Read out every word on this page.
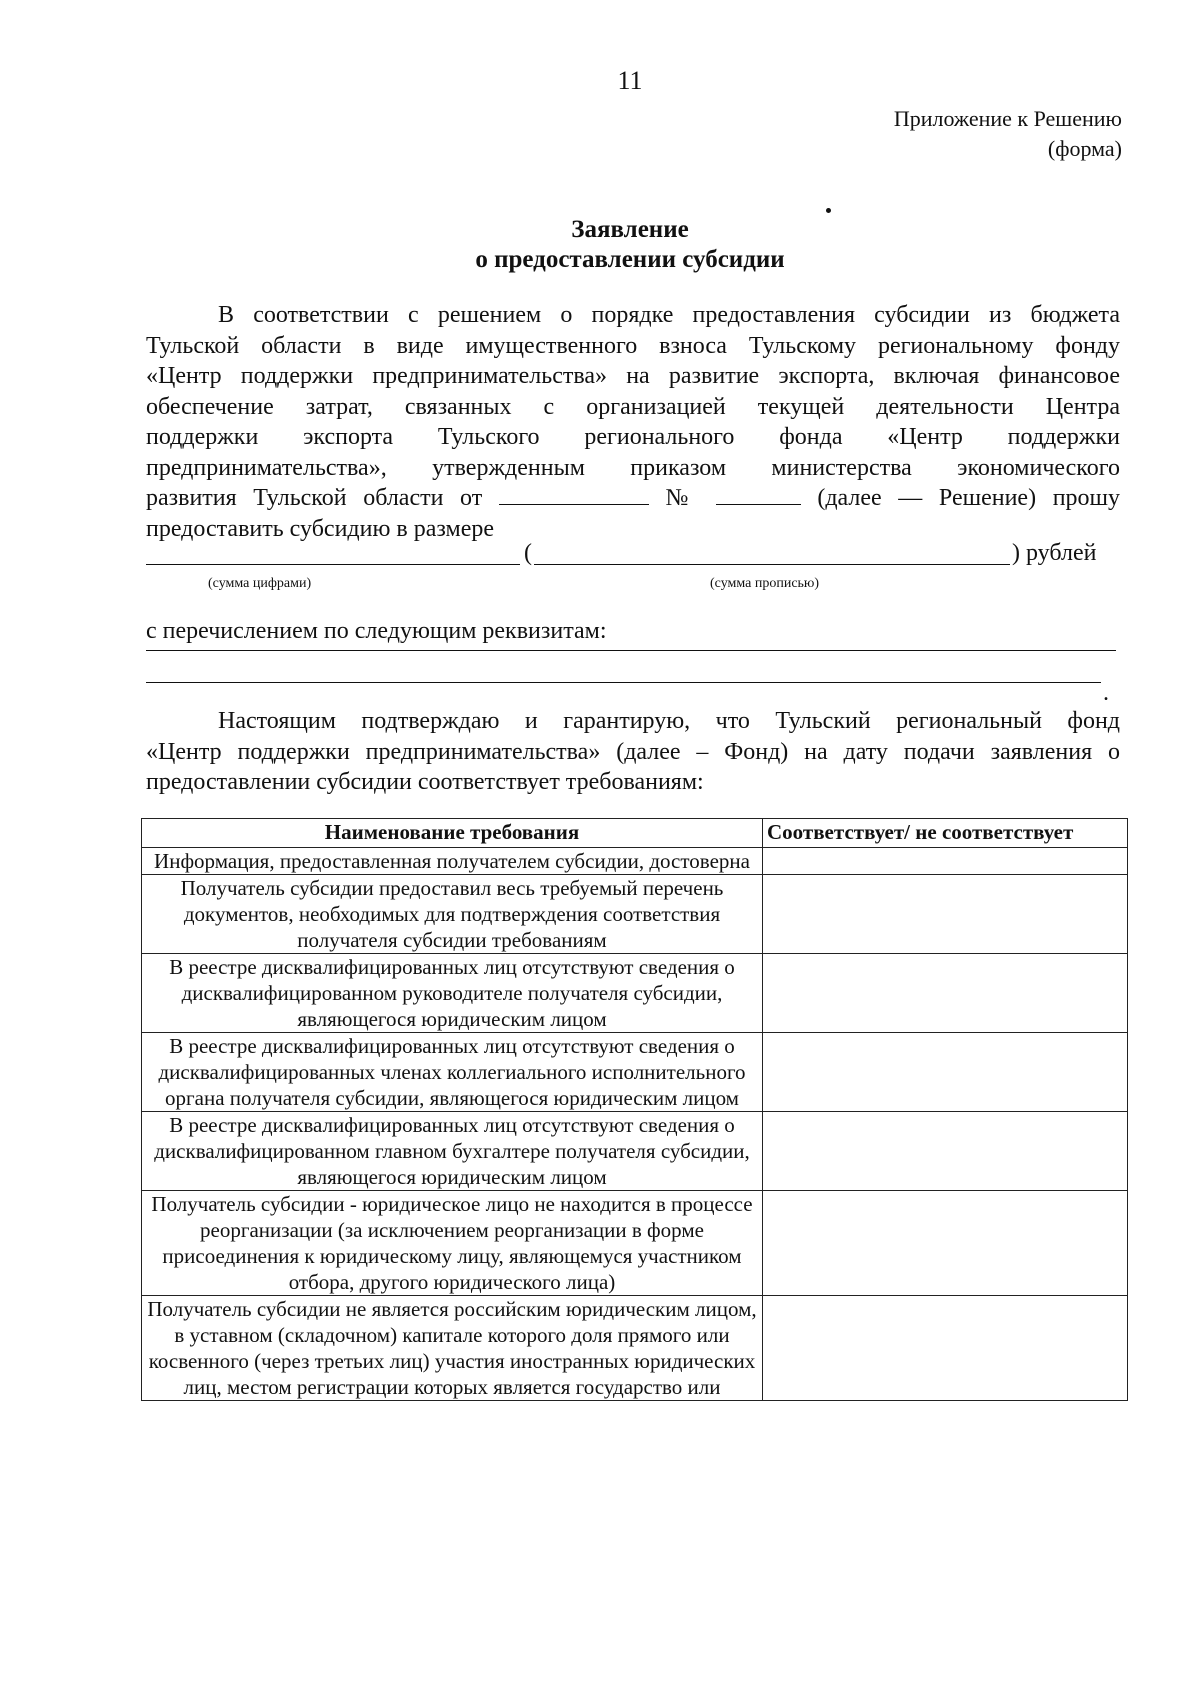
11
Приложение к Решению
(форма)
Заявление
о предоставлении субсидии
В соответствии с решением о порядке предоставления субсидии из бюджета
Тульской области в виде имущественного взноса Тульскому региональному фонду
«Центр поддержки предпринимательства» на развитие экспорта, включая финансовое
обеспечение затрат, связанных с организацией текущей деятельности Центра
поддержки экспорта Тульского регионального фонда «Центр поддержки
предпринимательства», утвержденным приказом министерства экономического
развития Тульской области от	№	(далее — Решение) прошу
предоставить субсидию в размере
(	) рублей
(сумма цифрами)	(сумма прописью)
с перечислением по следующим реквизитам:
.
Настоящим подтверждаю и гарантирую, что Тульский региональный фонд
«Центр поддержки предпринимательства» (далее – Фонд) на дату подачи заявления о
предоставлении субсидии соответствует требованиям:
Наименование требования	Соответствует/ не соответствует
Информация, предоставленная получателем субсидии, достоверна	
Получатель субсидии предоставил весь требуемый перечень документов, необходимых для подтверждения соответствия получателя субсидии требованиям	
В реестре дисквалифицированных лиц отсутствуют сведения о дисквалифицированном руководителе получателя субсидии, являющегося юридическим лицом	
В реестре дисквалифицированных лиц отсутствуют сведения о дисквалифицированных членах коллегиального исполнительного органа получателя субсидии, являющегося юридическим лицом	
В реестре дисквалифицированных лиц отсутствуют сведения о дисквалифицированном главном бухгалтере получателя субсидии, являющегося юридическим лицом	
Получатель субсидии - юридическое лицо не находится в процессе реорганизации (за исключением реорганизации в форме присоединения к юридическому лицу, являющемуся участником отбора, другого юридического лица)	
Получатель субсидии не является российским юридическим лицом, в уставном (складочном) капитале которого доля прямого или косвенного (через третьих лиц) участия иностранных юридических лиц, местом регистрации которых является государство или	
